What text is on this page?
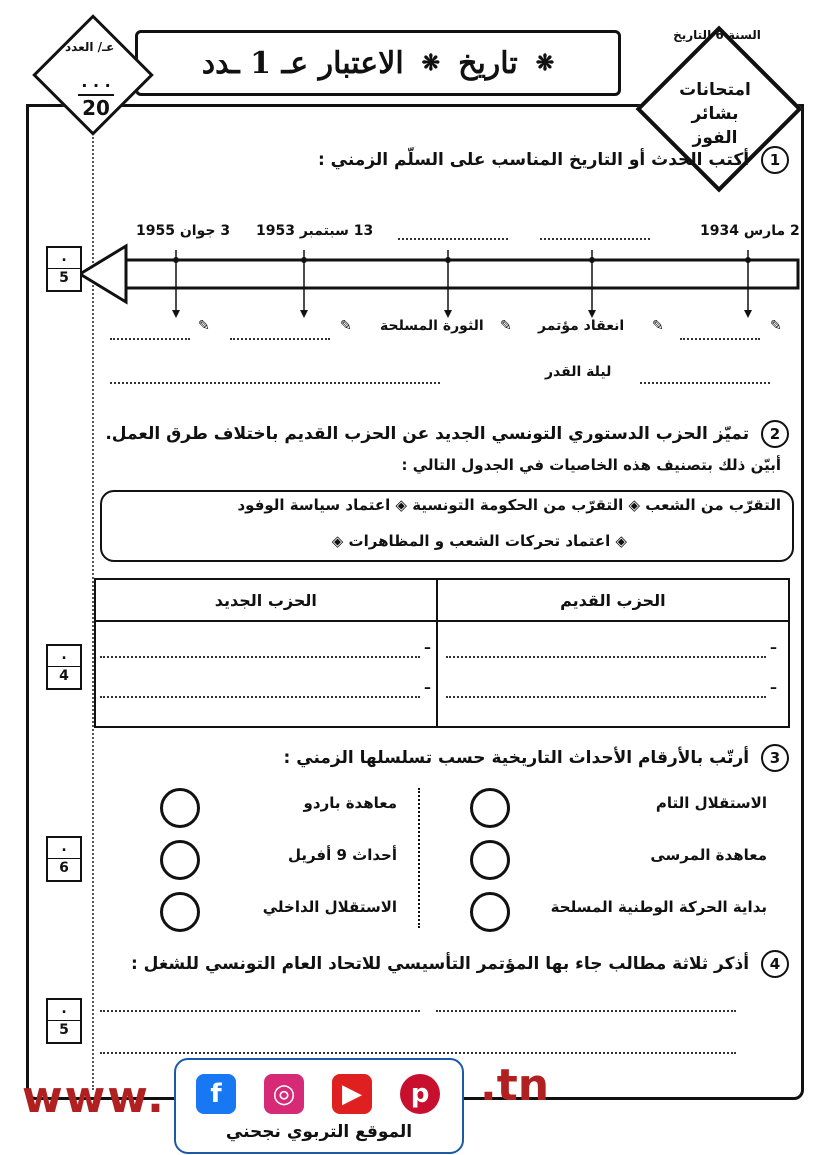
❋
تاريخ
❋
الاعتبار عـ 1 ـدد
عـ/ العدد
. . .
20
السنة 6 التاريخ
امتحانات
بشائر
الفوز
1 أكتب الحدث أو التاريخ المناسب على السلّم الزمني :
.
5
3 جوان 1955 13 سبتمبر 1953	2 مارس 1934
✎	✎ الثورة المسلحة ✎ انعقاد مؤتمر ✎	✎
ليلة القدر
2 تميّز الحزب الدستوري التونسي الجديد عن الحزب القديم باختلاف طرق العمل.
أبيّن ذلك بتصنيف هذه الخاصيات في الجدول التالي :
التقرّب من الشعب ◈ التقرّب من الحكومة التونسية ◈ اعتماد سياسة الوفود
◈ اعتماد تحركات الشعب و المظاهرات ◈
الحزب الجديد	الحزب القديم

–
–
–
–
.
4
3 أرتّب بالأرقام الأحداث التاريخية حسب تسلسلها الزمني :
معاهدة باردو
أحداث 9 أفريل
الاستقلال الداخلي
الاستقلال التام
معاهدة المرسى
بداية الحركة الوطنية المسلحة
.
6
4 أذكر ثلاثة مطالب جاء بها المؤتمر التأسيسي للاتحاد العام التونسي للشغل :
.
5
www.	.tn
f	◎	▶	p
الموقع التربوي نجحني
